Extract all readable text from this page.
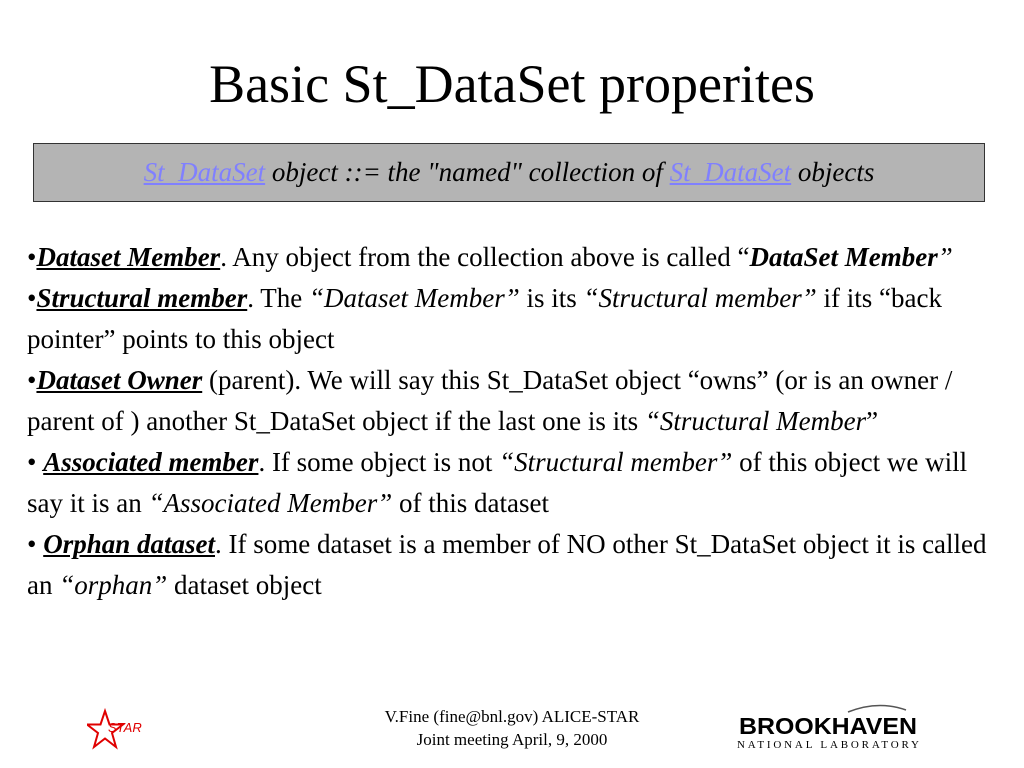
Basic St_DataSet properites
St_DataSet object ::= the "named" collection of St_DataSet objects

•Dataset Member. Any object from the collection above is called “DataSet Member”

•Structural member. The “Dataset Member” is its “Structural member” if its “back pointer” points to this object

•Dataset Owner (parent). We will say this St_DataSet object “owns” (or is an owner / parent of ) another St_DataSet object if the last one is its “Structural Member”

• Associated member. If some object is not “Structural member” of this object we will say it is an “Associated Member” of this dataset

• Orphan dataset. If some dataset is a member of NO other St_DataSet object it is called an “orphan” dataset object

STAR
V.Fine (fine@bnl.gov) ALICE-STAR
Joint meeting April, 9, 2000
BROOKHAVEN
NATIONAL LABORATORY
